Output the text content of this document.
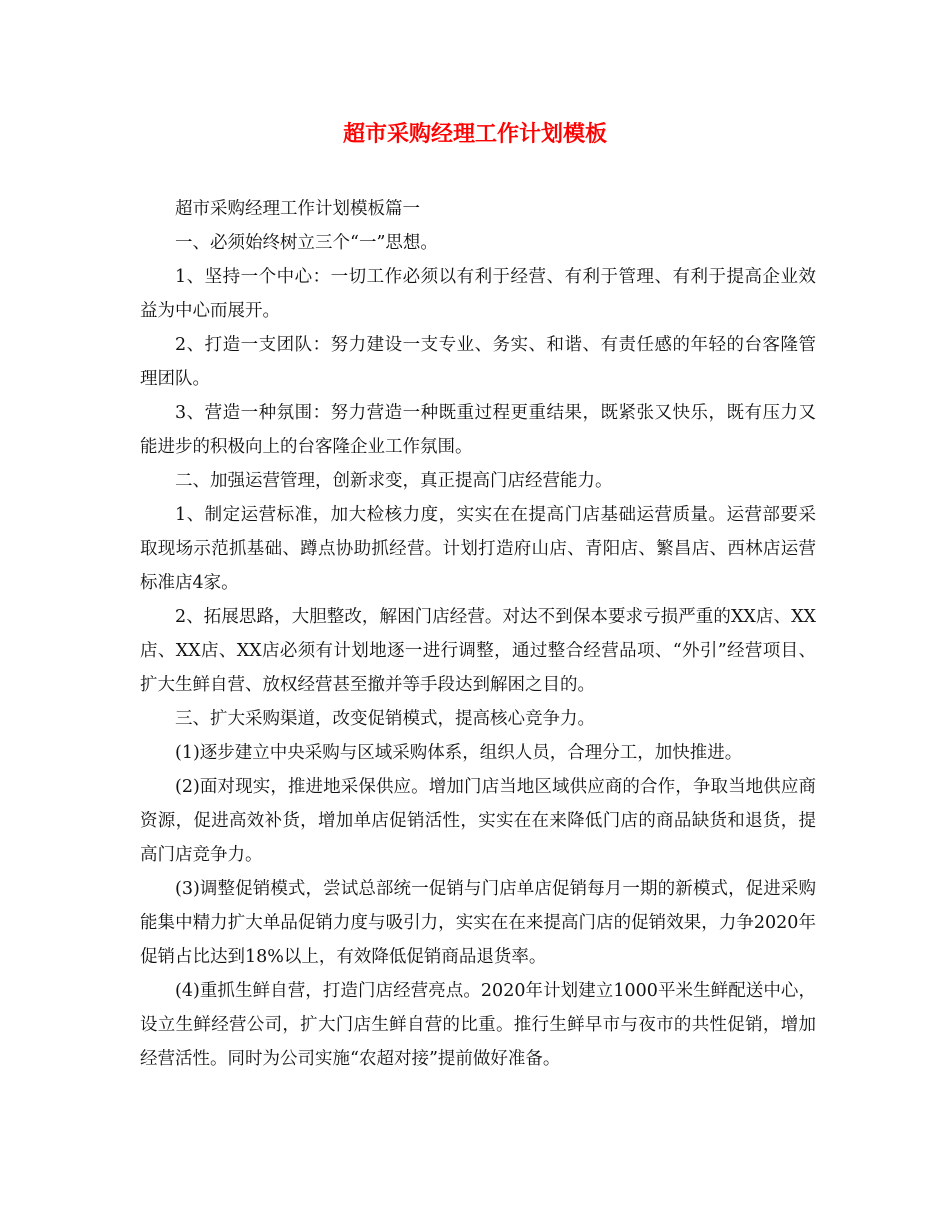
超市采购经理工作计划模板

超市采购经理工作计划模板篇一

一、必须始终树立三个“一”思想。

1、坚持一个中心：一切工作必须以有利于经营、有利于管理、有利于提高企业效益为中心而展开。

2、打造一支团队：努力建设一支专业、务实、和谐、有责任感的年轻的台客隆管理团队。

3、营造一种氛围：努力营造一种既重过程更重结果，既紧张又快乐，既有压力又能进步的积极向上的台客隆企业工作氛围。

二、加强运营管理，创新求变，真正提高门店经营能力。

1、制定运营标准，加大检核力度，实实在在提高门店基础运营质量。运营部要采取现场示范抓基础、蹲点协助抓经营。计划打造府山店、青阳店、繁昌店、西林店运营标准店4家。

2、拓展思路，大胆整改，解困门店经营。对达不到保本要求亏损严重的XX店、XX店、XX店、XX店必须有计划地逐一进行调整，通过整合经营品项、“外引”经营项目、扩大生鲜自营、放权经营甚至撤并等手段达到解困之目的。

三、扩大采购渠道，改变促销模式，提高核心竞争力。

(1)逐步建立中央采购与区域采购体系，组织人员，合理分工，加快推进。

(2)面对现实，推进地采保供应。增加门店当地区域供应商的合作，争取当地供应商资源，促进高效补货，增加单店促销活性，实实在在来降低门店的商品缺货和退货，提高门店竞争力。

(3)调整促销模式，尝试总部统一促销与门店单店促销每月一期的新模式，促进采购能集中精力扩大单品促销力度与吸引力，实实在在来提高门店的促销效果，力争2020年促销占比达到18%以上，有效降低促销商品退货率。

(4)重抓生鲜自营，打造门店经营亮点。2020年计划建立1000平米生鲜配送中心，设立生鲜经营公司，扩大门店生鲜自营的比重。推行生鲜早市与夜市的共性促销，增加经营活性。同时为公司实施“农超对接”提前做好准备。
